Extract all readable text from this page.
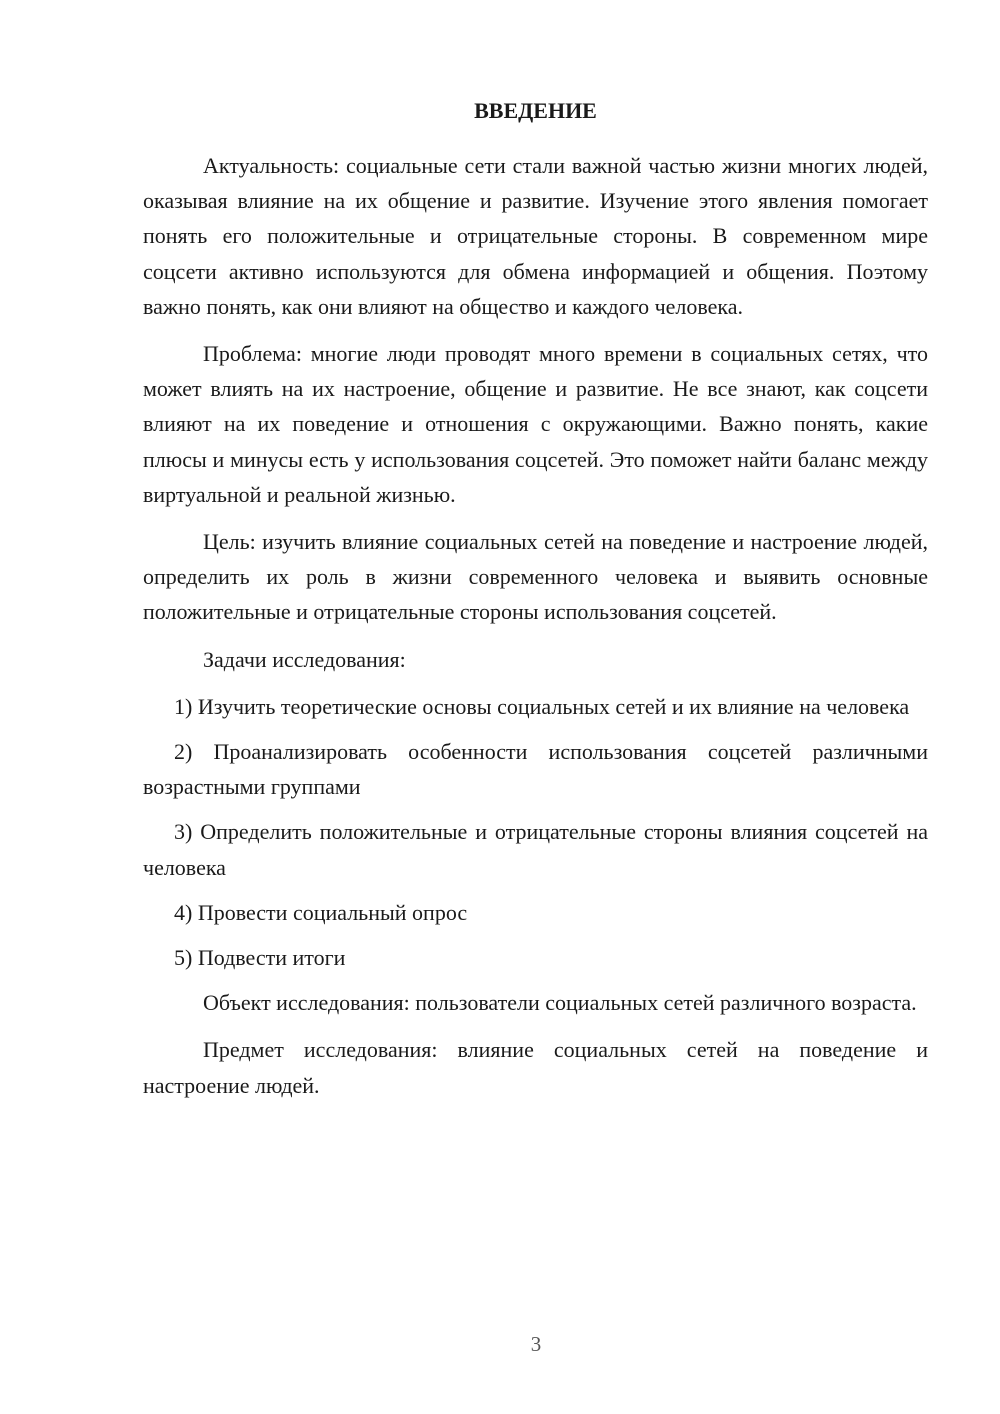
ВВЕДЕНИЕ

Актуальность: социальные сети стали важной частью жизни многих людей, оказывая влияние на их общение и развитие. Изучение этого явления помогает понять его положительные и отрицательные стороны. В современном мире соцсети активно используются для обмена информацией и общения. Поэтому важно понять, как они влияют на общество и каждого человека.

Проблема: многие люди проводят много времени в социальных сетях, что может влиять на их настроение, общение и развитие. Не все знают, как соцсети влияют на их поведение и отношения с окружающими. Важно понять, какие плюсы и минусы есть у использования соцсетей. Это поможет найти баланс между виртуальной и реальной жизнью.

Цель: изучить влияние социальных сетей на поведение и настроение людей, определить их роль в жизни современного человека и выявить основные положительные и отрицательные стороны использования соцсетей.

Задачи исследования:

1) Изучить теоретические основы социальных сетей и их влияние на человека

2) Проанализировать особенности использования соцсетей различными возрастными группами

3) Определить положительные и отрицательные стороны влияния соцсетей на человека

4) Провести социальный опрос

5) Подвести итоги

Объект исследования: пользователи социальных сетей различного возраста.

Предмет исследования: влияние социальных сетей на поведение и настроение людей.

3
